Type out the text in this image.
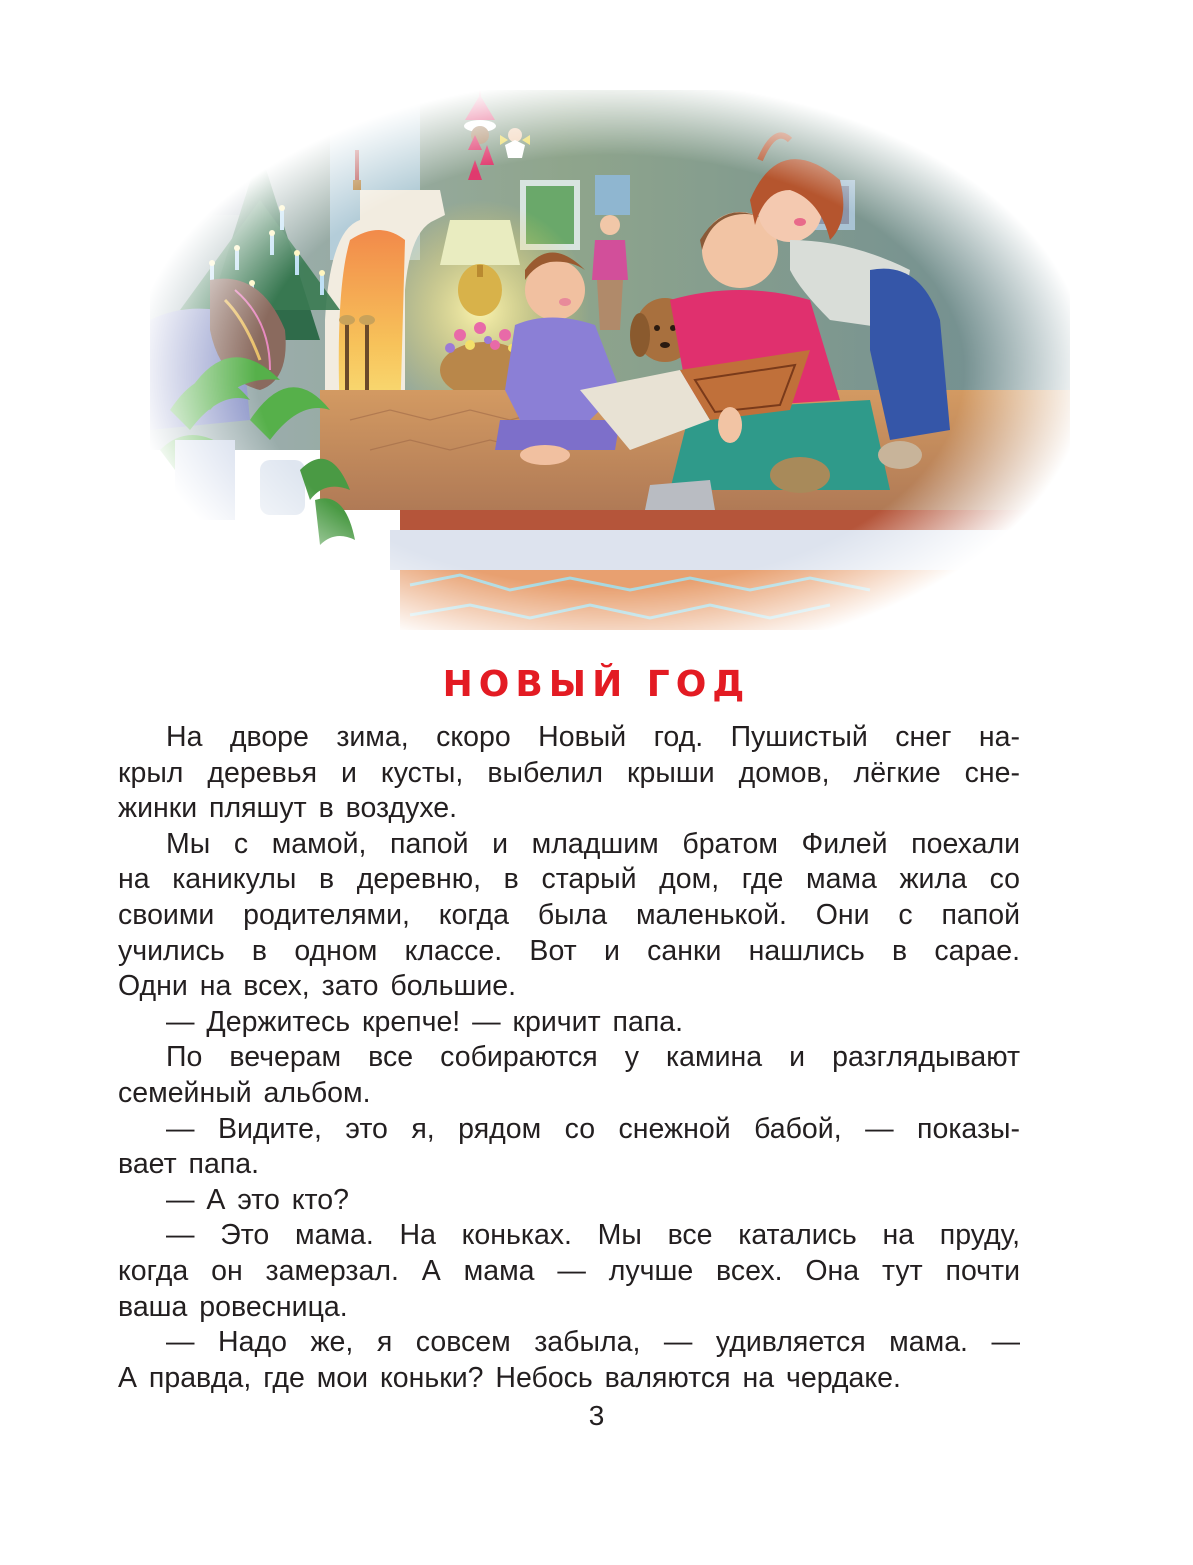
НОВЫЙ ГОД
На дворе зима, скоро Новый год. Пушистый снег на-
крыл деревья и кусты, выбелил крыши домов, лёгкие сне-
жинки пляшут в воздухе.
Мы с мамой, папой и младшим братом Филей поехали
на каникулы в деревню, в старый дом, где мама жила со
своими родителями, когда была маленькой. Они с папой
учились в одном классе. Вот и санки нашлись в сарае.
Одни на всех, зато большие.
— Держитесь крепче! — кричит папа.
По вечерам все собираются у камина и разглядывают
семейный альбом.
— Видите, это я, рядом со снежной бабой, — показы-
вает папа.
— А это кто?
— Это мама. На коньках. Мы все катались на пруду,
когда он замерзал. А мама — лучше всех. Она тут почти
ваша ровесница.
— Надо же, я совсем забыла, — удивляется мама. —
А правда, где мои коньки? Небось валяются на чердаке.
3
